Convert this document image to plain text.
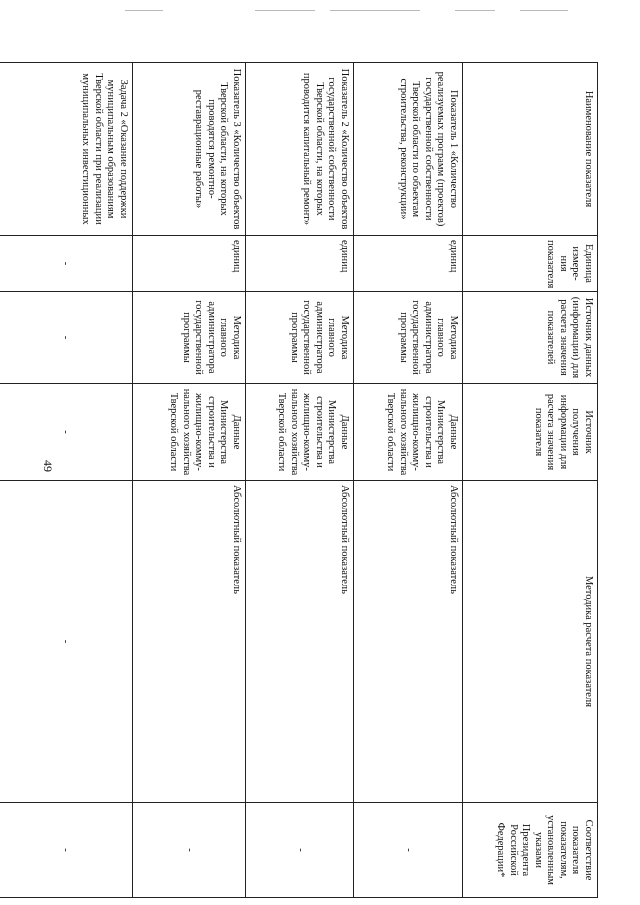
49
Наименование показателя	Единица измере-ния показателя	Источник данных (информации) для расчета значения показателей	Источник получения информации для расчета значения показателя	Методика расчета показателя	Соответствие показателя показателям, установленным указами Президента Российской Федерации*
Показатель 1 «Количество реализуемых программ (проектов) государственной собственности Тверской области по объектам строительства, реконструкции»	единиц	Методика главного администратора государственной программы	Данные Министерства строительства и жилищно-комму-нального хозяйства Тверской области	Абсолютный показатель	-
Показатель 2 «Количество объектов государственной собственности Тверской области, на которых проводится капитальный ремонт»	единиц	Методика главного администратора государственной программы	Данные Министерства строительства и жилищно-комму-нального хозяйства Тверской области	Абсолютный показатель	-
Показатель 3 «Количество объектов Тверской области, на которых проводятся ремонтно-реставрационные работы»	единиц	Методика главного администратора государственной программы	Данные Министерства строительства и жилищно-комму-нального хозяйства Тверской области	Абсолютный показатель	-
Задача 2 «Оказание поддержки муниципальным образованиям Тверской области при реализации муниципальных инвестиционных	-	-	-	-	-
